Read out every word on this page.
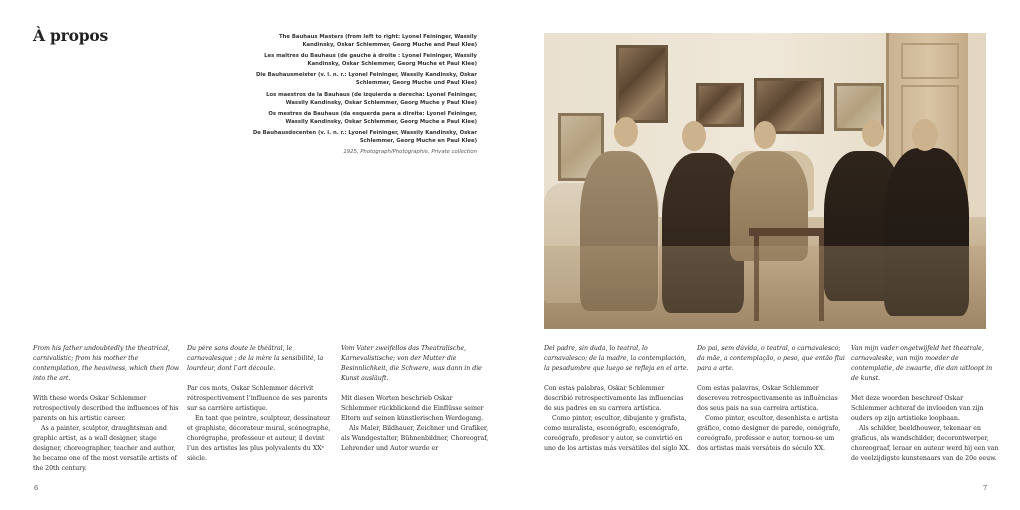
À propos	The Bauhaus Masters (from left to right: Lyonel Feininger, Wassily Kandinsky, Oskar Schlemmer, Georg Muche and Paul Klee)

Les maîtres du Bauhaus (de gauche à droite : Lyonel Feininger, Wassily Kandinsky, Oskar Schlemmer, Georg Muche et Paul Klee)

Die Bauhausmeister (v. l. n. r.: Lyonel Feininger, Wassily Kandinsky, Oskar Schlemmer, Georg Muche und Paul Klee)

Los maestros de la Bauhaus (de izquierda a derecha: Lyonel Feininger, Wassily Kandinsky, Oskar Schlemmer, Georg Muche y Paul Klee)

Os mestres da Bauhaus (da esquerda para a direita: Lyonel Feininger, Wassily Kandinsky, Oskar Schlemmer, Georg Muche e Paul Klee)

De Bauhausdocenten (v. l. n. r.: Lyonel Feininger, Wassily Kandinsky, Oskar Schlemmer, Georg Muche en Paul Klee)

1925, Photograph/Photographie, Private collection

From his father undoubtedly the theatrical, carnivalistic; from his mother the contemplation, the heaviness, which then flow into the art.

With these words Oskar Schlemmer retrospectively described the influences of his parents on his artistic career.

As a painter, sculptor, draughtsman and graphic artist, as a wall designer, stage designer, choreographer, teacher and author, he became one of the most versatile artists of the 20th century.

Du père sans doute le théâtral, le carnavalesque ; de la mère la sensibilité, la lourdeur, dont l’art découle.

Par ces mots, Oskar Schlemmer décrivit rétrospectivement l’influence de ses parents sur sa carrière artistique.

En tant que peintre, sculpteur, dessinateur et graphiste, décorateur mural, scénographe, chorégraphe, professeur et auteur, il devint l’un des artistes les plus polyvalents du XXᵉ siècle.

Vom Vater zweifellos das Theatralische, Karnevalistische; von der Mutter die Besinnlichkeit, die Schwere, was dann in die Kunst ausläuft.

Mit diesen Worten beschrieb Oskar Schlemmer rückblickend die Einflüsse seiner Eltern auf seinen künstlerischen Werdegang.

Als Maler, Bildhauer, Zeichner und Grafiker, als Wandgestalter, Bühnenbildner, Choreograf, Lehrender und Autor wurde er

Del padre, sin duda, lo teatral, lo carnavalesco; de la madre, la contemplación, la pesadumbre que luego se refleja en el arte.

Con estas palabras, Oskar Schlemmer describió retrospectivamente las influencias de sus padres en su carrera artística.

Como pintor, escultor, dibujante y grafista, como muralista, escenógrafo, escenógrafo, coreógrafo, profesor y autor, se convirtió en uno de los artistas más versátiles del siglo XX.

Do pai, sem dúvida, o teatral, o carnavalesco; da mãe, a contemplação, o peso, que então flui para a arte.

Com estas palavras, Oskar Schlemmer descreveu retrospectivamente as influências dos seus pais na sua carreira artística.

Como pintor, escultor, desenhista e artista gráfico, como designer de parede, cenógrafo, coreógrafo, professor e autor, tornou-se um dos artistas mais versáteis do século XX.

Van mijn vader ongetwijfeld het theatrale, carnavaleske, van mijn moeder de contemplatie, de zwaarte, die dan uitloopt in de kunst.

Met deze woorden beschreef Oskar Schlemmer achteraf de invloeden van zijn ouders op zijn artistieke loopbaan.

Als schilder, beeldhouwer, tekenaar en graficus, als wandschilder, decorontwerper, choreograaf, leraar en auteur werd hij een van de veelzijdigste kunstenaars van de 20e eeuw.

6	7
